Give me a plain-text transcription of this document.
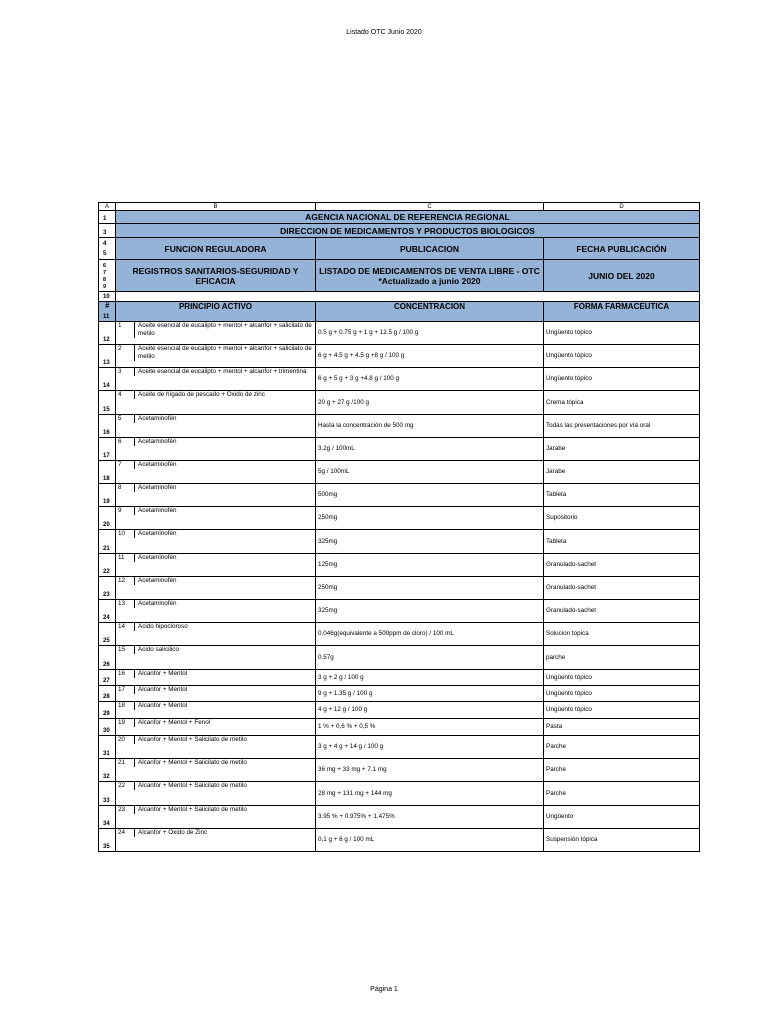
Listado OTC Junio 2020
A	B	C	D
1	AGENCIA NACIONAL DE REFERENCIA REGIONAL		
3	DIRECCION DE MEDICAMENTOS Y PRODUCTOS BIOLOGICOS		
4
5	FUNCION REGULADORA	PUBLICACION	FECHA PUBLICACIÓN
6
7
8
9	REGISTROS SANITARIOS-SEGURIDAD Y EFICACIA	LISTADO DE MEDICAMENTOS DE VENTA LIBRE - OTC *Actualizado a junio 2020	JUNIO DEL 2020
10			

#
11	PRINCIPIO ACTIVO	CONCENTRACION	FORMA FARMACEUTICA
12	1 Aceite esencial de eucalipto + mentol + alcanfor + salicilato de metilo	0.5 g + 0.75 g + 1 g + 12.5 g / 100 g	Ungüento tópico
13	2 Aceite esencial de eucalipto + mentol + alcanfor + salicilato de metilo	6 g + 4.5 g + 4.5 g +8 g / 100 g	Ungüento tópico
14	3 Aceite esencial de eucalipto + mentol + alcanfor + trimentina	6 g + 5 g + 3 g +4.8 g / 100 g	Ungüento tópico
15	4 Aceite de hígado de pescado + Óxido de zinc	20 g + 27 g /100 g	Crema tópica
16	5 Acetaminofén	Hasta la concentración de 500 mg	Todas las presentaciones por vía oral
17	6 Acetaminofén	3.2g / 100mL	Jarabe
18	7 Acetaminofén	5g / 100mL	Jarabe
19	8 Acetaminofén	500mg	Tableta
20	9 Acetaminofén	250mg	Supositorio
21	10 Acetaminofén	325mg	Tableta
22	11 Acetaminofén	125mg	Granulado-sachet
23	12 Acetaminofén	250mg	Granulado-sachet
24	13 Acetaminofén	325mg	Granulado-sachet
25	14 Acido hipocloroso	0.046g(equivalente a 500ppm de cloro) / 100 mL	Solucion topica
26	15 Acido salicilico	0.57g	parche
27	16 Alcanfor + Mentol	3 g + 2 g / 100 g	Ungüento tópico
28	17 Alcanfor + Mentol	9 g + 1.35 g / 100 g	Ungüento tópico
29	18 Alcanfor + Mentol	4 g + 12 g / 100 g	Ungüento tópico
30	19 Alcanfor + Mentol + Fenol	1 % + 0,6 % + 0,5 %	Pasta
31	20 Alcanfor + Mentol + Salicilato de metilo	3 g + 4 g + 14 g / 100 g	Parche
32	21 Alcanfor + Mentol + Salicilato de metilo	36 mg + 33 mg + 7.1 mg	Parche
33	22 Alcanfor + Mentol + Salicilato de metilo	28 mg + 131 mg + 144 mg	Parche
34	23 Alcanfor + Mentol + Salicilato de metilo	3.95 % + 0.975% + 1.475%	Ungüento
35	24 Alcanfor + Óxido de Zinc	0,1 g + 8 g / 100 mL	Suspensión tópica
Página 1
